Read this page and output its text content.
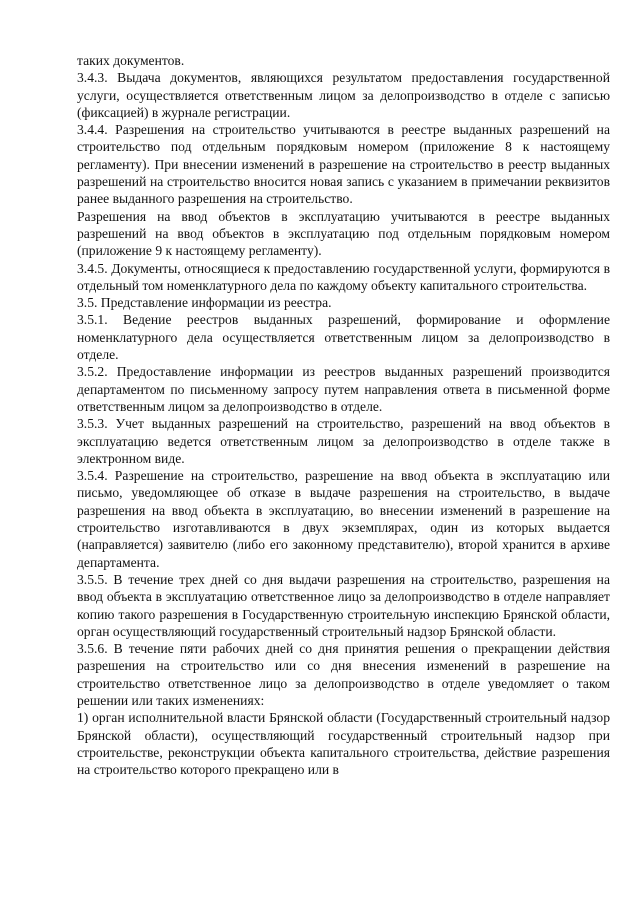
таких документов.

3.4.3. Выдача документов, являющихся результатом предоставления государственной услуги, осуществляется ответственным лицом за делопроизводство в отделе с записью (фиксацией) в журнале регистрации.

3.4.4. Разрешения на строительство учитываются в реестре выданных разрешений на строительство под отдельным порядковым номером (приложение 8 к настоящему регламенту). При внесении изменений в разрешение на строительство в реестр выданных разрешений на строительство вносится новая запись с указанием в примечании реквизитов ранее выданного разрешения на строительство.

Разрешения на ввод объектов в эксплуатацию учитываются в реестре выданных разрешений на ввод объектов в эксплуатацию под отдельным порядковым номером (приложение 9 к настоящему регламенту).

3.4.5. Документы, относящиеся к предоставлению государственной услуги, формируются в отдельный том номенклатурного дела по каждому объекту капитального строительства.

3.5. Представление информации из реестра.

3.5.1. Ведение реестров выданных разрешений, формирование и оформление номенклатурного дела осуществляется ответственным лицом за делопроизводство в отделе.

3.5.2. Предоставление информации из реестров выданных разрешений производится департаментом по письменному запросу путем направления ответа в письменной форме ответственным лицом за делопроизводство в отделе.

3.5.3. Учет выданных разрешений на строительство, разрешений на ввод объектов в эксплуатацию ведется ответственным лицом за делопроизводство в отделе также в электронном виде.

3.5.4. Разрешение на строительство, разрешение на ввод объекта в эксплуатацию или письмо, уведомляющее об отказе в выдаче разрешения на строительство, в выдаче разрешения на ввод объекта в эксплуатацию, во внесении изменений в разрешение на строительство изготавливаются в двух экземплярах, один из которых выдается (направляется) заявителю (либо его законному представителю), второй хранится в архиве департамента.

3.5.5. В течение трех дней со дня выдачи разрешения на строительство, разрешения на ввод объекта в эксплуатацию ответственное лицо за делопроизводство в отделе направляет копию такого разрешения в Государственную строительную инспекцию Брянской области, орган осуществляющий государственный строительный надзор Брянской области.

3.5.6. В течение пяти рабочих дней со дня принятия решения о прекращении действия разрешения на строительство или со дня внесения изменений в разрешение на строительство ответственное лицо за делопроизводство в отделе уведомляет о таком решении или таких изменениях:

1) орган исполнительной власти Брянской области (Государственный строительный надзор Брянской области), осуществляющий государственный строительный надзор при строительстве, реконструкции объекта капитального строительства, действие разрешения на строительство которого прекращено или в
